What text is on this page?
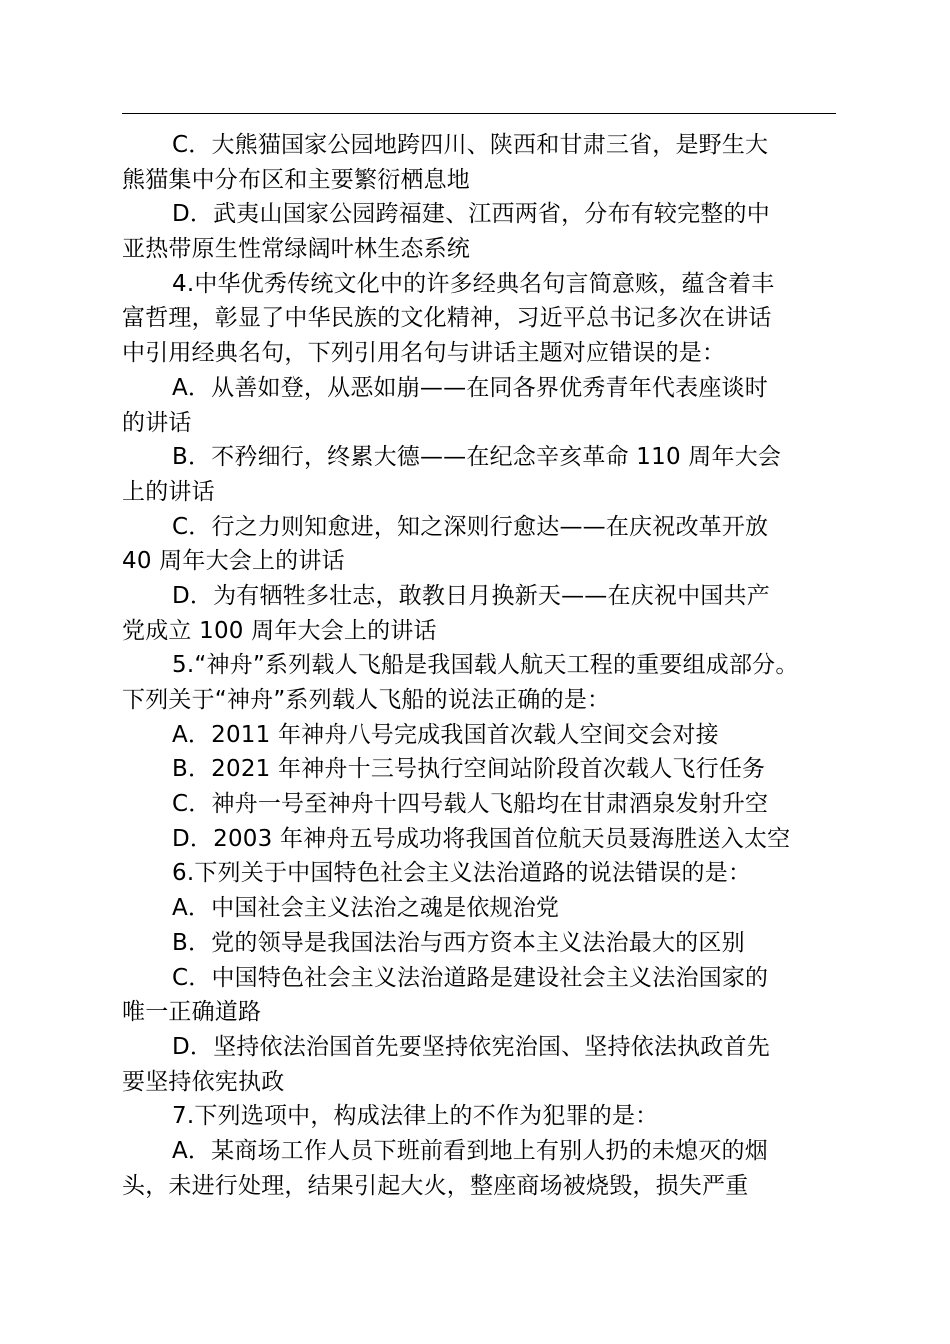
C．大熊猫国家公园地跨四川、陕西和甘肃三省，是野生大
熊猫集中分布区和主要繁衍栖息地
D．武夷山国家公园跨福建、江西两省，分布有较完整的中
亚热带原生性常绿阔叶林生态系统
4.中华优秀传统文化中的许多经典名句言简意赅，蕴含着丰
富哲理，彰显了中华民族的文化精神，习近平总书记多次在讲话
中引用经典名句，下列引用名句与讲话主题对应错误的是：
A．从善如登，从恶如崩——在同各界优秀青年代表座谈时
的讲话
B．不矜细行，终累大德——在纪念辛亥革命 110 周年大会
上的讲话
C．行之力则知愈进，知之深则行愈达——在庆祝改革开放
40 周年大会上的讲话
D．为有牺牲多壮志，敢教日月换新天——在庆祝中国共产
党成立 100 周年大会上的讲话
5.“神舟”系列载人飞船是我国载人航天工程的重要组成部分。
下列关于“神舟”系列载人飞船的说法正确的是：
A．2011 年神舟八号完成我国首次载人空间交会对接
B．2021 年神舟十三号执行空间站阶段首次载人飞行任务
C．神舟一号至神舟十四号载人飞船均在甘肃酒泉发射升空
D．2003 年神舟五号成功将我国首位航天员聂海胜送入太空
6.下列关于中国特色社会主义法治道路的说法错误的是：
A．中国社会主义法治之魂是依规治党
B．党的领导是我国法治与西方资本主义法治最大的区别
C．中国特色社会主义法治道路是建设社会主义法治国家的
唯一正确道路
D．坚持依法治国首先要坚持依宪治国、坚持依法执政首先
要坚持依宪执政
7.下列选项中，构成法律上的不作为犯罪的是：
A．某商场工作人员下班前看到地上有别人扔的未熄灭的烟
头，未进行处理，结果引起大火，整座商场被烧毁，损失严重
